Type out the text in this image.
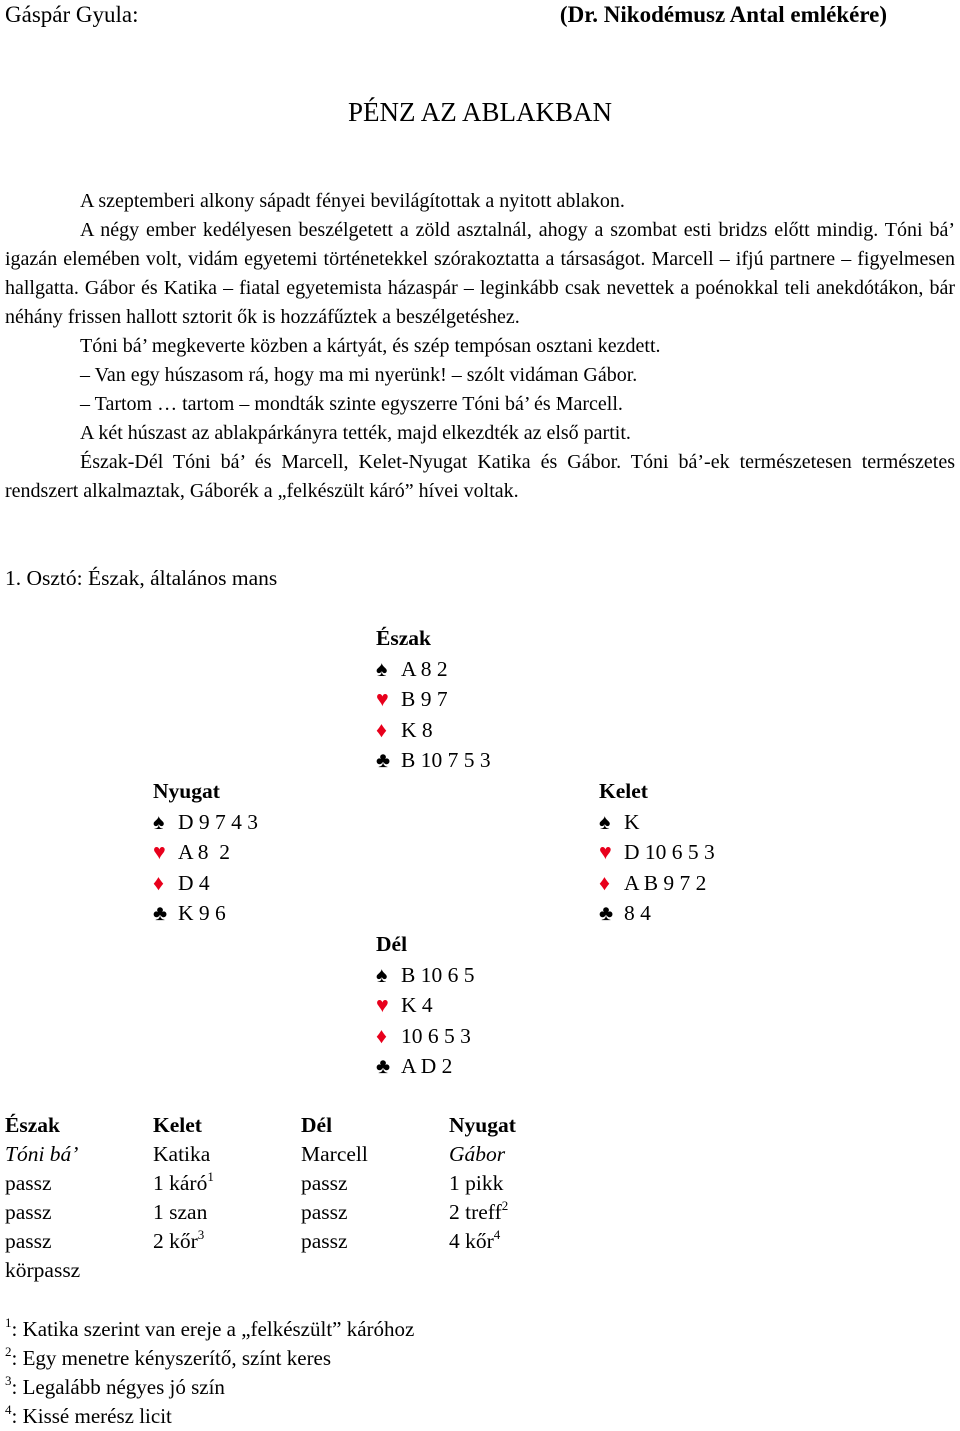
Gáspár Gyula:	(Dr. Nikodémusz Antal emlékére)
PÉNZ AZ ABLAKBAN

A szeptemberi alkony sápadt fényei bevilágítottak a nyitott ablakon.

A négy ember kedélyesen beszélgetett a zöld asztalnál, ahogy a szombat esti bridzs előtt mindig. Tóni bá’ igazán elemében volt, vidám egyetemi történetekkel szórakoztatta a társaságot. Marcell – ifjú partnere – figyelmesen hallgatta. Gábor és Katika – fiatal egyetemista házaspár – leginkább csak nevettek a poénokkal teli anekdótákon, bár néhány frissen hallott sztorit ők is hozzáfűztek a beszélgetéshez.

Tóni bá’ megkeverte közben a kártyát, és szép tempósan osztani kezdett.

– Van egy húszasom rá, hogy ma mi nyerünk! – szólt vidáman Gábor.

– Tartom … tartom – mondták szinte egyszerre Tóni bá’ és Marcell.

A két húszast az ablakpárkányra tették, majd elkezdték az első partit.

Észak-Dél Tóni bá’ és Marcell, Kelet-Nyugat Katika és Gábor. Tóni bá’-ek természetesen természetes rendszert alkalmaztak, Gáborék a „felkészült káró” hívei voltak.

1. Osztó: Észak, általános mans
Észak
♠ A 8 2
♥ B 9 7
♦ K 8
♣ B 10 7 5 3
Nyugat
♠ D 9 7 4 3
♥ A 8  2
♦ D 4
♣ K 9 6
Kelet
♠ K
♥ D 10 6 5 3
♦ A B 9 7 2
♣ 8 4
Dél
♠ B 10 6 5
♥ K 4
♦ 10 6 5 3
♣ A D 2
Észak	Kelet	Dél	Nyugat
Tóni bá’	Katika	Marcell	Gábor
passz	1 káró$^1$	passz	1 pikk
passz	1 szan	passz	2 treff$^2$
passz	2 kőr$^3$	passz	4 kőr$^4$
körpassz
$^1$: Katika szerint van ereje a „felkészült” káróhoz
$^2$: Egy menetre kényszerítő, színt keres
$^3$: Legalább négyes jó szín
$^4$: Kissé merész licit
